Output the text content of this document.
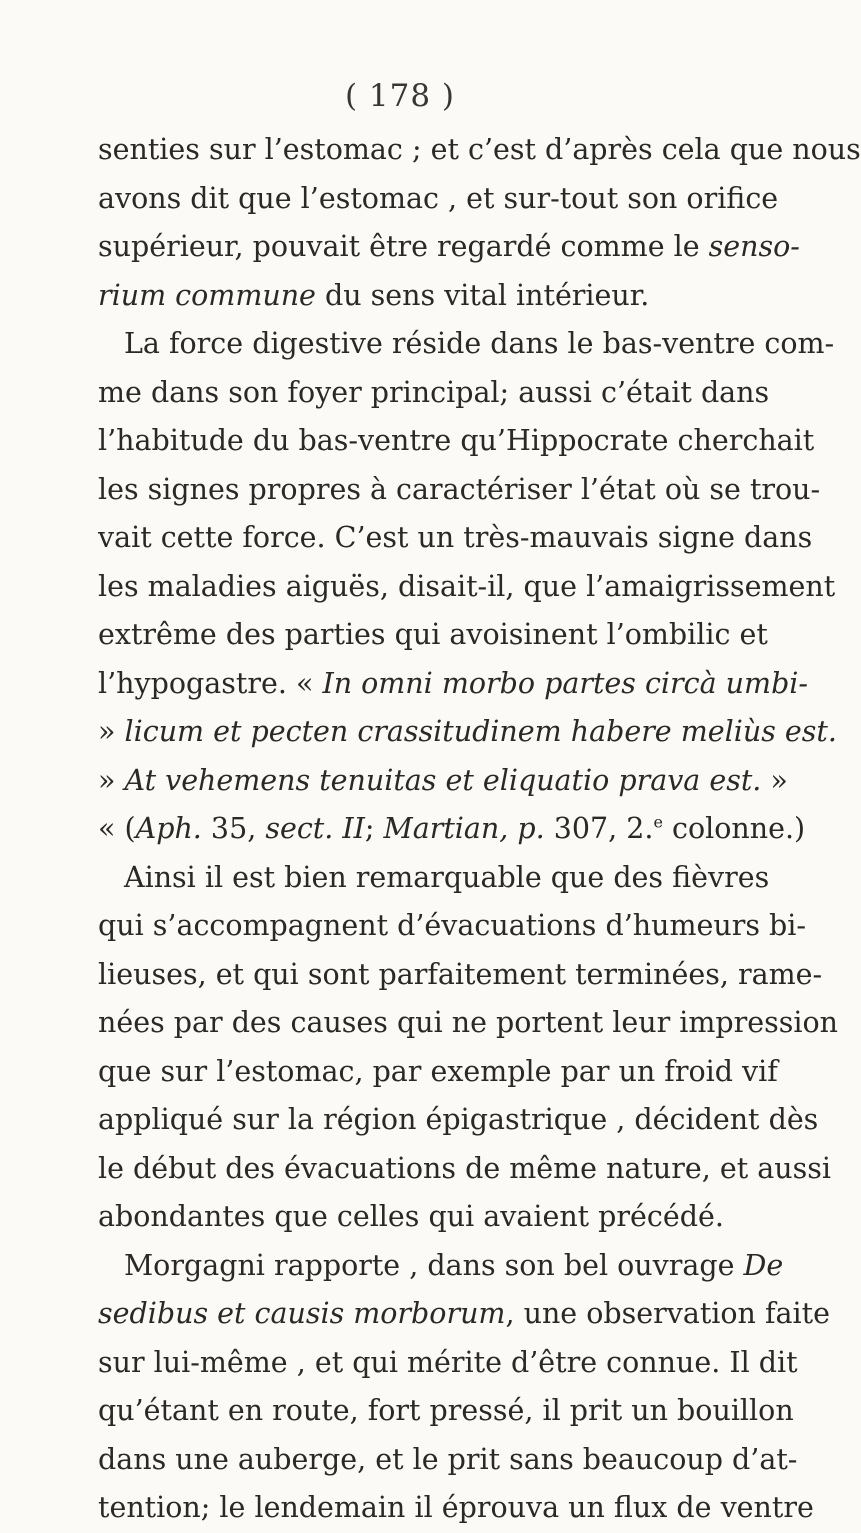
( 178 )
senties sur l’estomac ; et c’est d’après cela que nous
avons dit que l’estomac , et sur-tout son orifice
supérieur, pouvait être regardé comme le senso-
rium commune du sens vital intérieur.
La force digestive réside dans le bas-ventre com-
me dans son foyer principal; aussi c’était dans
l’habitude du bas-ventre qu’Hippocrate cherchait
les signes propres à caractériser l’état où se trou-
vait cette force. C’est un très-mauvais signe dans
les maladies aiguës, disait-il, que l’amaigrissement
extrême des parties qui avoisinent l’ombilic et
l’hypogastre. « In omni morbo partes circà umbi-
» licum et pecten crassitudinem habere meliùs est.
» At vehemens tenuitas et eliquatio prava est. »
« (Aph. 35, sect. II; Martian, p. 307, 2.$^e$ colonne.)
Ainsi il est bien remarquable que des fièvres
qui s’accompagnent d’évacuations d’humeurs bi-
lieuses, et qui sont parfaitement terminées, rame-
nées par des causes qui ne portent leur impression
que sur l’estomac, par exemple par un froid vif
appliqué sur la région épigastrique , décident dès
le début des évacuations de même nature, et aussi
abondantes que celles qui avaient précédé.
Morgagni rapporte , dans son bel ouvrage De
sedibus et causis morborum, une observation faite
sur lui-même , et qui mérite d’être connue. Il dit
qu’étant en route, fort pressé, il prit un bouillon
dans une auberge, et le prit sans beaucoup d’at-
tention; le lendemain il éprouva un flux de ventre
